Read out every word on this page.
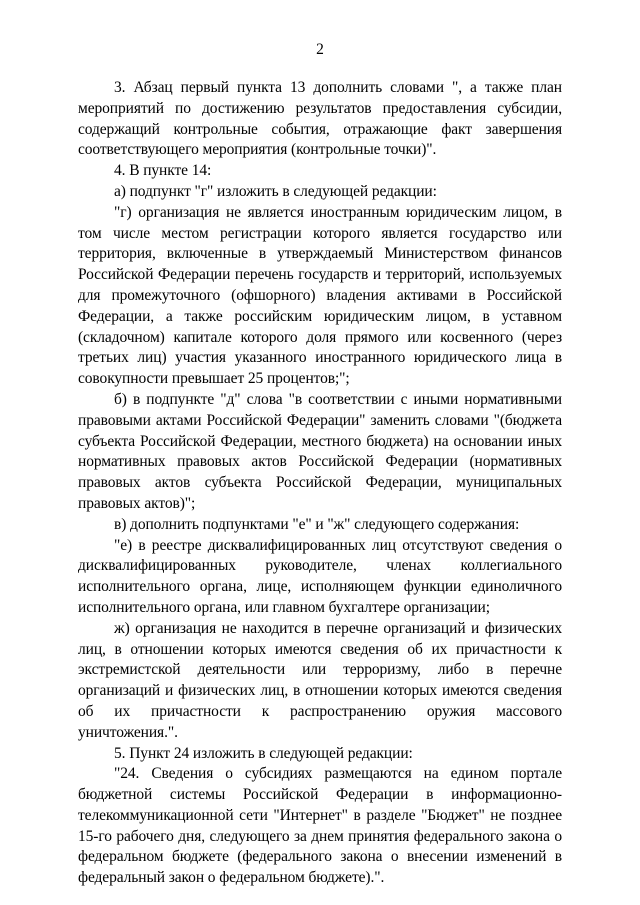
2

3. Абзац первый пункта 13 дополнить словами ", а также план мероприятий по достижению результатов предоставления субсидии, содержащий контрольные события, отражающие факт завершения соответствующего мероприятия (контрольные точки)".

4. В пункте 14:

а) подпункт "г" изложить в следующей редакции:

"г) организация не является иностранным юридическим лицом, в том числе местом регистрации которого является государство или территория, включенные в утверждаемый Министерством финансов Российской Федерации перечень государств и территорий, используемых для промежуточного (офшорного) владения активами в Российской Федерации, а также российским юридическим лицом, в уставном (складочном) капитале которого доля прямого или косвенного (через третьих лиц) участия указанного иностранного юридического лица в совокупности превышает 25 процентов;";

б) в подпункте "д" слова "в соответствии с иными нормативными правовыми актами Российской Федерации" заменить словами "(бюджета субъекта Российской Федерации, местного бюджета) на основании иных нормативных правовых актов Российской Федерации (нормативных правовых актов субъекта Российской Федерации, муниципальных правовых актов)";

в) дополнить подпунктами "е" и "ж" следующего содержания:

"е) в реестре дисквалифицированных лиц отсутствуют сведения о дисквалифицированных руководителе, членах коллегиального исполнительного органа, лице, исполняющем функции единоличного исполнительного органа, или главном бухгалтере организации;

ж) организация не находится в перечне организаций и физических лиц, в отношении которых имеются сведения об их причастности к экстремистской деятельности или терроризму, либо в перечне организаций и физических лиц, в отношении которых имеются сведения об их причастности к распространению оружия массового уничтожения.".

5. Пункт 24 изложить в следующей редакции:

"24. Сведения о субсидиях размещаются на едином портале бюджетной системы Российской Федерации в информационно-телекоммуникационной сети "Интернет" в разделе "Бюджет" не позднее 15-го рабочего дня, следующего за днем принятия федерального закона о федеральном бюджете (федерального закона о внесении изменений в федеральный закон о федеральном бюджете).".
